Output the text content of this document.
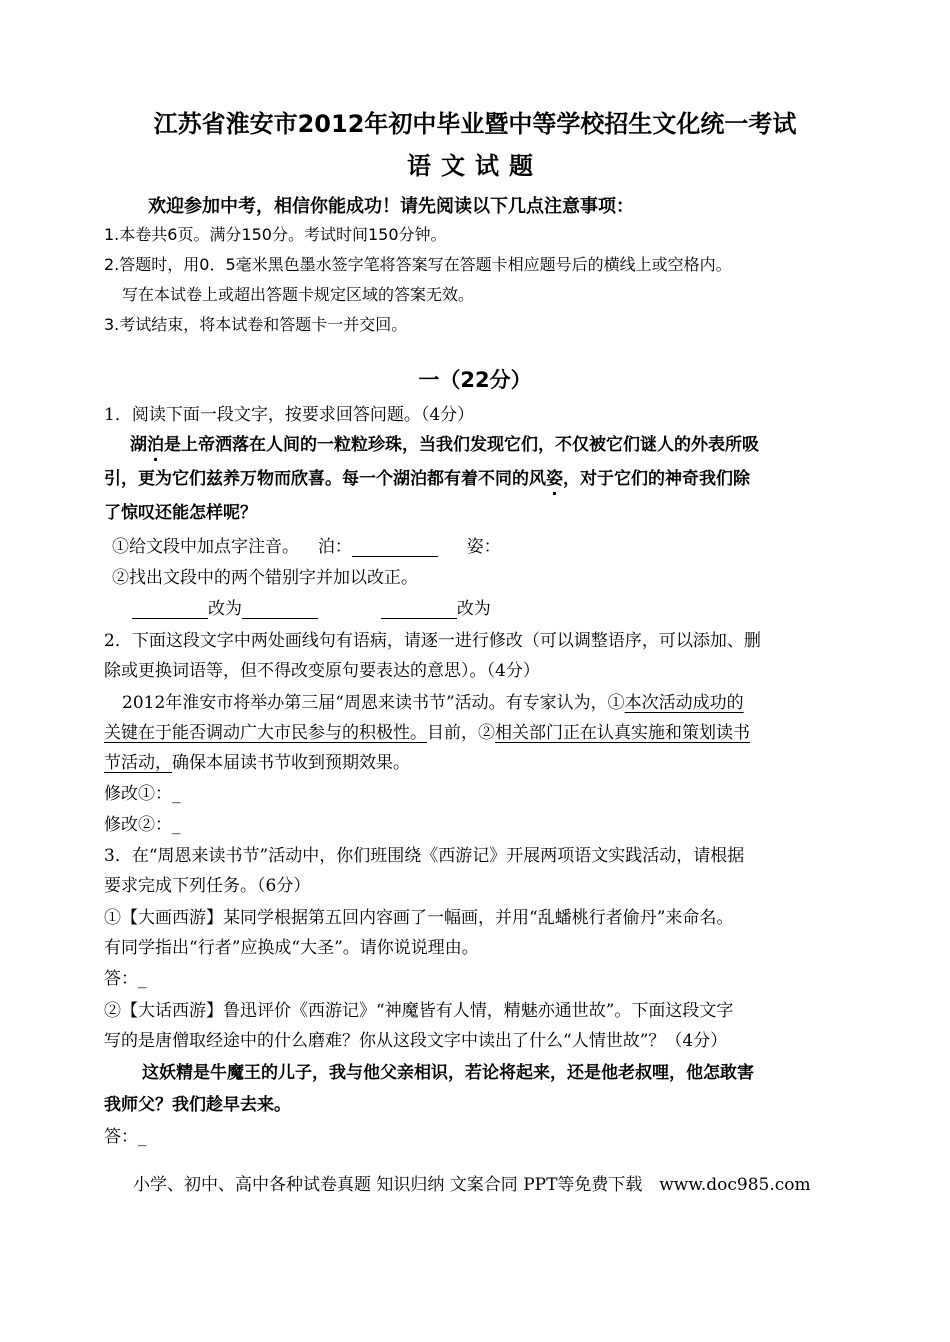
江苏省淮安市2012年初中毕业暨中等学校招生文化统一考试
语文试题
欢迎参加中考，相信你能成功！请先阅读以下几点注意事项：
1.本卷共6页。满分150分。考试时间150分钟。
2.答题时，用0．5毫米黑色墨水签字笔将答案写在答题卡相应题号后的横线上或空格内。
写在本试卷上或超出答题卡规定区域的答案无效。
3.考试结束，将本试卷和答题卡一并交回。
一（22分）
1．阅读下面一段文字，按要求回答问题。（4分）
湖泊是上帝洒落在人间的一粒粒珍珠，当我们发现它们，不仅被它们谜人的外表所吸
引，更为它们兹养万物而欣喜。每一个湖泊都有着不同的风姿，对于它们的神奇我们除
了惊叹还能怎样呢？
①给文段中加点字注音。 泊：	姿：
②找出文段中的两个错别字并加以改正。
改为	改为
2．下面这段文字中两处画线句有语病，请逐一进行修改（可以调整语序，可以添加、删
除或更换词语等，但不得改变原句要表达的意思）。（4分）
2012年淮安市将举办第三届“周恩来读书节”活动。有专家认为，①本次活动成功的
关键在于能否调动广大市民参与的积极性。目前，②相关部门正在认真实施和策划读书
节活动，确保本届读书节收到预期效果。
修改①：_
修改②：_
3．在“周恩来读书节”活动中，你们班围绕《西游记》开展两项语文实践活动，请根据
要求完成下列任务。（6分）
①【大画西游】某同学根据第五回内容画了一幅画，并用“乱蟠桃行者偷丹”来命名。
有同学指出“行者”应换成“大圣”。请你说说理由。
答：_
②【大话西游】鲁迅评价《西游记》“神魔皆有人情，精魅亦通世故”。下面这段文字
写的是唐僧取经途中的什么磨难？你从这段文字中读出了什么“人情世故”？（4分）
这妖精是牛魔王的儿子，我与他父亲相识，若论将起来，还是他老叔哩，他怎敢害
我师父？我们趁早去来。
答：_
小学、初中、高中各种试卷真题 知识归纳 文案合同 PPT等免费下载 www.doc985.com
